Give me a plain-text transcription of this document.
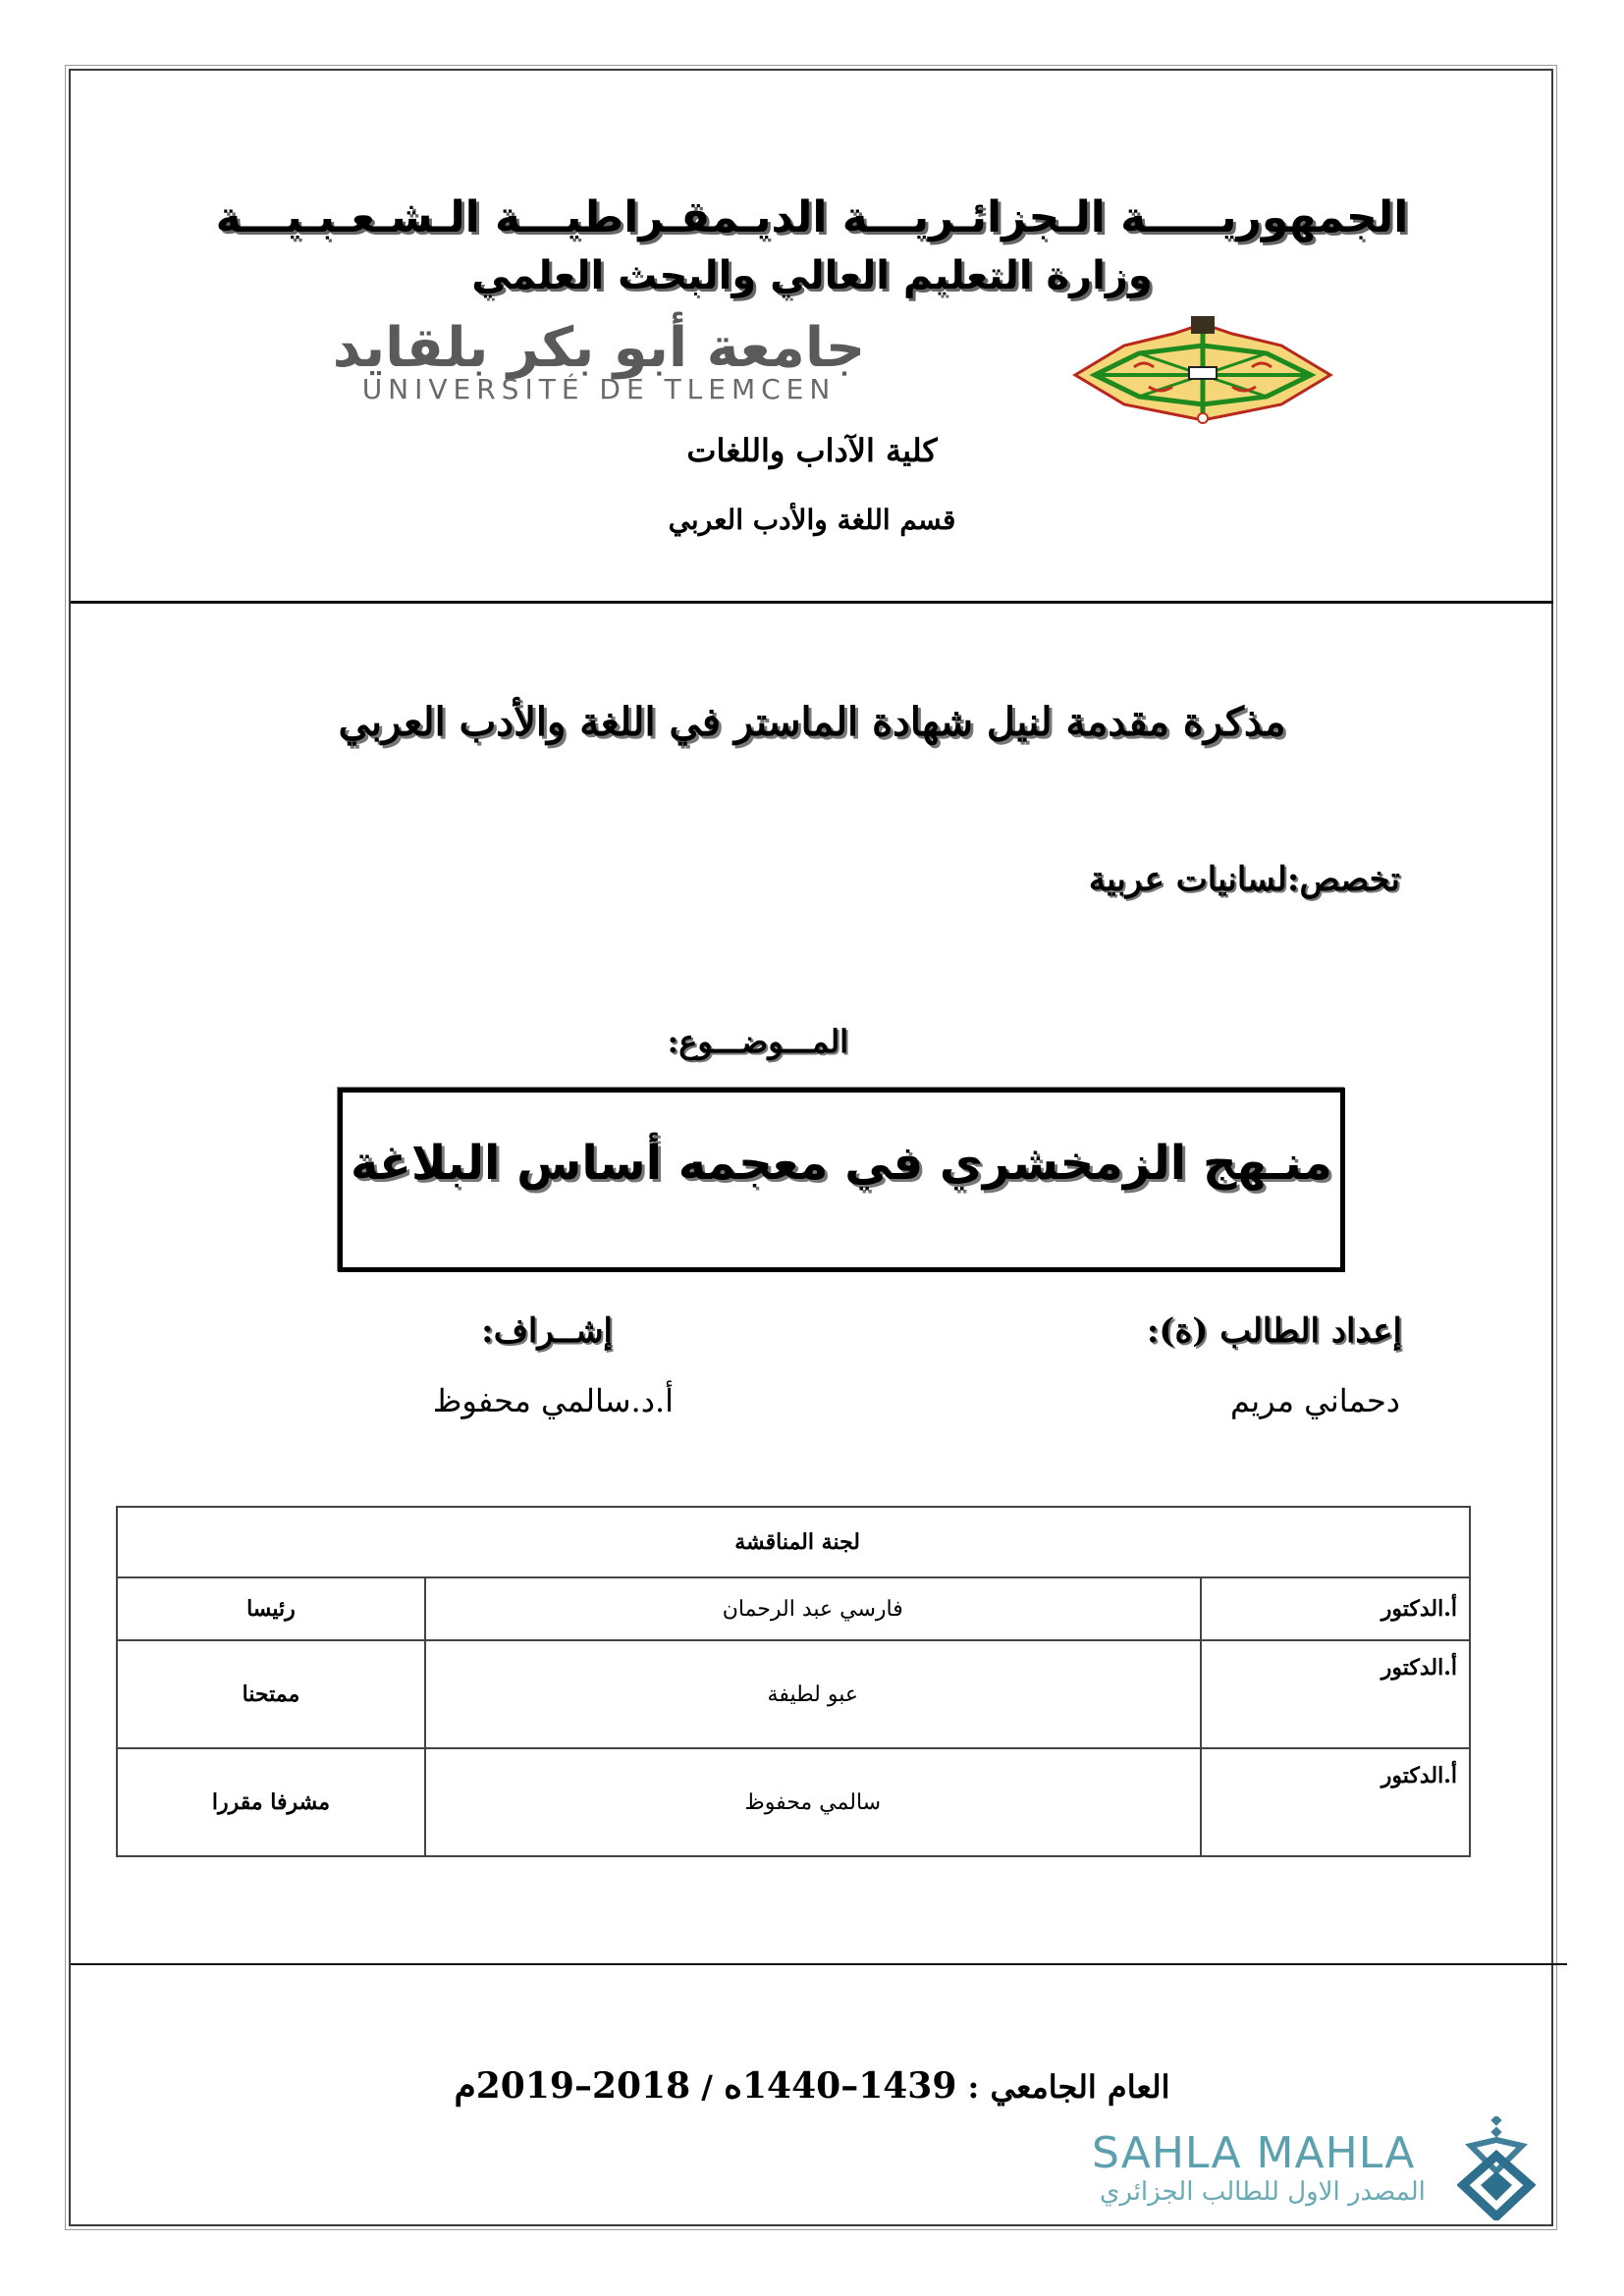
الجمهوريـــــة الـجزائـريـــة الديـمقـراطيـــة الـشـعـبـيـــة
وزارة التعليم العالي والبحث العلمي
جامعة أبو بكر بلقايد
UNIVERSITÉ DE TLEMCEN
كلية الآداب واللغات
قسم اللغة والأدب العربي
مذكرة مقدمة لنيل شهادة الماستر في اللغة والأدب العربي
تخصص:لسانيات عربية
المـــوضـــوع:
منـهج الزمخشري في معجمه أساس البلاغة
إعداد الطالب (ة):
إشــراف:
دحماني مريم
أ.د.سالمي محفوظ
لجنة المناقشة		
أ.الدكتور	فارسي عبد الرحمان	رئيسا
أ.الدكتور	عبو لطيفة	ممتحنا
أ.الدكتور	سالمي محفوظ	مشرفا مقررا
العام الجامعي : 1439–1440ه / 2018–2019م
SAHLA MAHLA
المصدر الاول للطالب الجزائري
